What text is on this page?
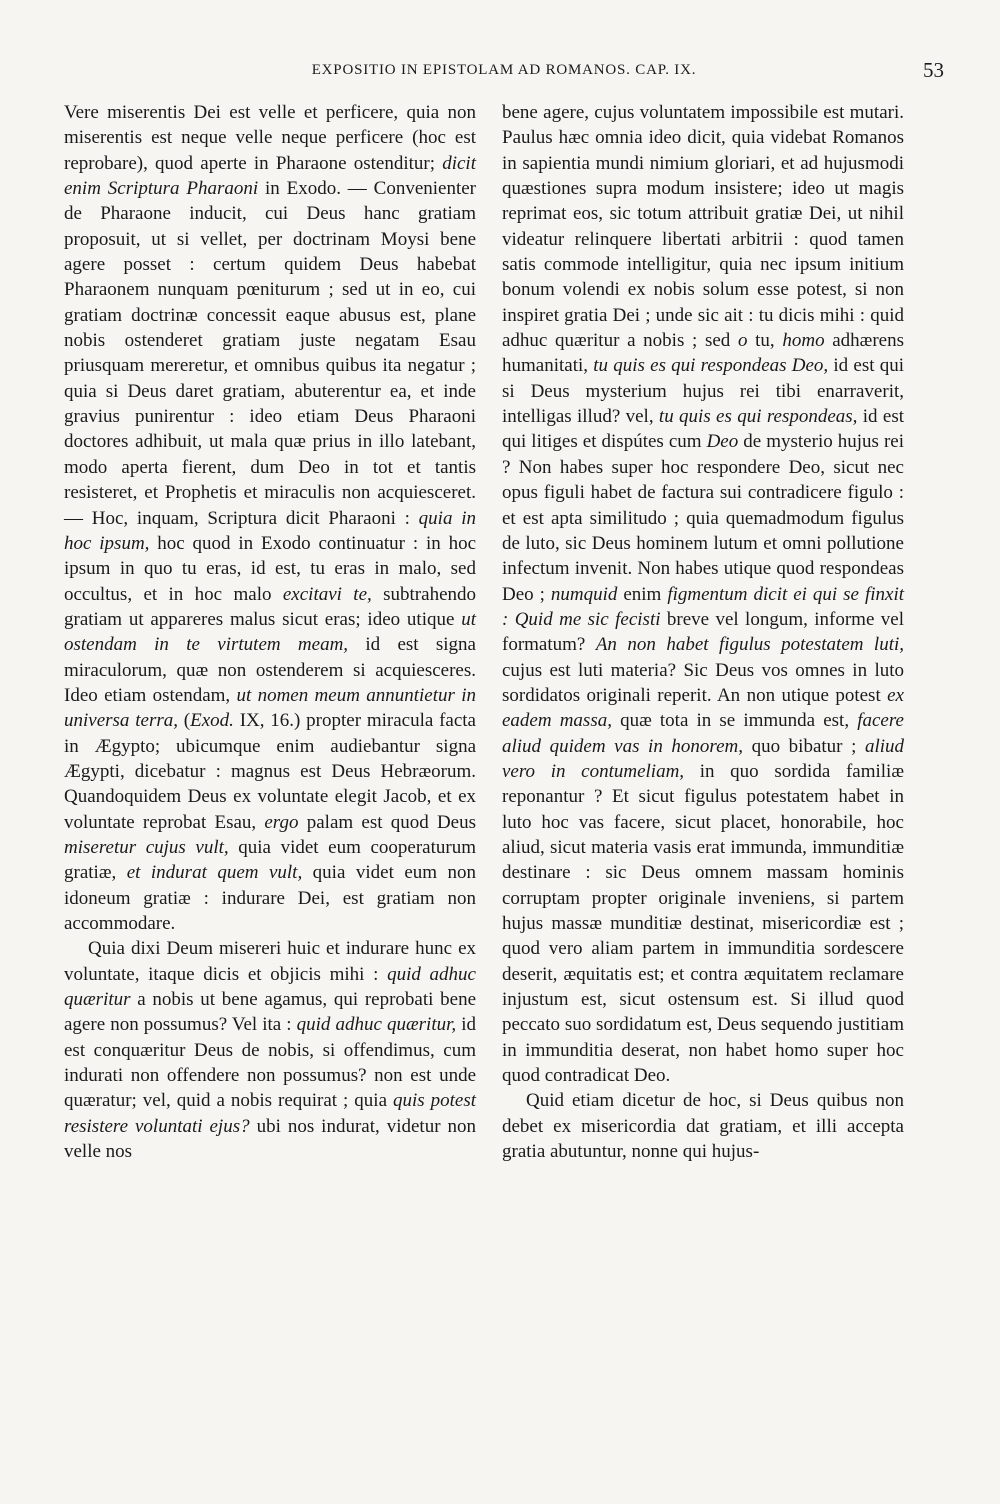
EXPOSITIO IN EPISTOLAM AD ROMANOS. CAP. IX.	53

Vere miserentis Dei est velle et perficere, quia non miserentis est neque velle neque perficere (hoc est reprobare), quod aperte in Pharaone ostenditur; dicit enim Scriptura Pharaoni in Exodo. — Convenienter de Pharaone inducit, cui Deus hanc gratiam proposuit, ut si vellet, per doctrinam Moysi bene agere posset : certum quidem Deus habebat Pharaonem nunquam pœniturum ; sed ut in eo, cui gratiam doctrinæ concessit eaque abusus est, plane nobis ostenderet gratiam juste negatam Esau priusquam mereretur, et omnibus quibus ita negatur ; quia si Deus daret gratiam, abuterentur ea, et inde gravius punirentur : ideo etiam Deus Pharaoni doctores adhibuit, ut mala quæ prius in illo latebant, modo aperta fierent, dum Deo in tot et tantis resisteret, et Prophetis et miraculis non acquiesceret. — Hoc, inquam, Scriptura dicit Pharaoni : quia in hoc ipsum, hoc quod in Exodo continuatur : in hoc ipsum in quo tu eras, id est, tu eras in malo, sed occultus, et in hoc malo excitavi te, subtrahendo gratiam ut appareres malus sicut eras; ideo utique ut ostendam in te virtutem meam, id est signa miraculorum, quæ non ostenderem si acquiesceres. Ideo etiam ostendam, ut nomen meum annuntietur in universa terra, (Exod. IX, 16.) propter miracula facta in Ægypto; ubicumque enim audiebantur signa Ægypti, dicebatur : magnus est Deus Hebræorum. Quandoquidem Deus ex voluntate elegit Jacob, et ex voluntate reprobat Esau, ergo palam est quod Deus miseretur cujus vult, quia videt eum cooperaturum gratiæ, et indurat quem vult, quia videt eum non idoneum gratiæ : indurare Dei, est gratiam non accommodare.

Quia dixi Deum misereri huic et indurare hunc ex voluntate, itaque dicis et objicis mihi : quid adhuc quæritur a nobis ut bene agamus, qui reprobati bene agere non possumus? Vel ita : quid adhuc quæritur, id est conquæritur Deus de nobis, si offendimus, cum indurati non offendere non possumus? non est unde quæratur; vel, quid a nobis requirat ; quia quis potest resistere voluntati ejus? ubi nos indurat, videtur non velle nos

bene agere, cujus voluntatem impossibile est mutari. Paulus hæc omnia ideo dicit, quia videbat Romanos in sapientia mundi nimium gloriari, et ad hujusmodi quæstiones supra modum insistere; ideo ut magis reprimat eos, sic totum attribuit gratiæ Dei, ut nihil videatur relinquere libertati arbitrii : quod tamen satis commode intelligitur, quia nec ipsum initium bonum volendi ex nobis solum esse potest, si non inspiret gratia Dei ; unde sic ait : tu dicis mihi : quid adhuc quæritur a nobis ; sed o tu, homo adhærens humanitati, tu quis es qui respondeas Deo, id est qui si Deus mysterium hujus rei tibi enarraverit, intelligas illud? vel, tu quis es qui respondeas, id est qui litiges et dispútes cum Deo de mysterio hujus rei ? Non habes super hoc respondere Deo, sicut nec opus figuli habet de factura sui contradicere figulo : et est apta similitudo ; quia quemadmodum figulus de luto, sic Deus hominem lutum et omni pollutione infectum invenit. Non habes utique quod respondeas Deo ; numquid enim figmentum dicit ei qui se finxit : Quid me sic fecisti breve vel longum, informe vel formatum? An non habet figulus potestatem luti, cujus est luti materia? Sic Deus vos omnes in luto sordidatos originali reperit. An non utique potest ex eadem massa, quæ tota in se immunda est, facere aliud quidem vas in honorem, quo bibatur ; aliud vero in contumeliam, in quo sordida familiæ reponantur ? Et sicut figulus potestatem habet in luto hoc vas facere, sicut placet, honorabile, hoc aliud, sicut materia vasis erat immunda, immunditiæ destinare : sic Deus omnem massam hominis corruptam propter originale inveniens, si partem hujus massæ munditiæ destinat, misericordiæ est ; quod vero aliam partem in immunditia sordescere deserit, æquitatis est; et contra æquitatem reclamare injustum est, sicut ostensum est. Si illud quod peccato suo sordidatum est, Deus sequendo justitiam in immunditia deserat, non habet homo super hoc quod contradicat Deo.

Quid etiam dicetur de hoc, si Deus quibus non debet ex misericordia dat gratiam, et illi accepta gratia abutuntur, nonne qui hujus-
